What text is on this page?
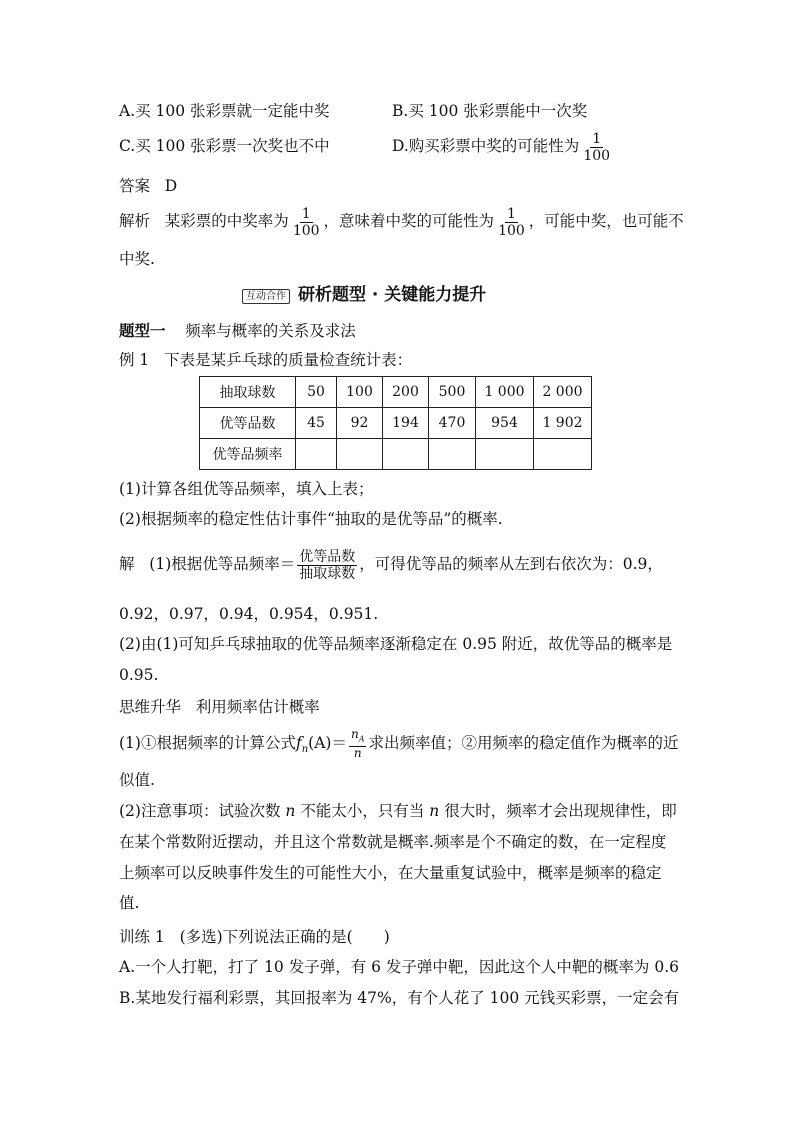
A.买 100 张彩票就一定能中奖	B.买 100 张彩票能中一次奖
C.买 100 张彩票一次奖也不中	D.购买彩票中奖的可能性为 $\frac{1}{100}$
答案 D
解析 某彩票的中奖率为 $\frac{1}{100}$ ，意味着中奖的可能性为 $\frac{1}{100}$ ，可能中奖，也可能不
中奖.
互动合作 研析题型 · 关键能力提升
题型一 频率与概率的关系及求法
例 1 下表是某乒乓球的质量检查统计表：
抽取球数	50	100	200	500	1 000	2 000
优等品数	45	92	194	470	954	1 902
优等品频率						
(1)计算各组优等品频率，填入上表；
(2)根据频率的稳定性估计事件“抽取的是优等品”的概率.
解 (1)根据优等品频率＝ $\frac{\text{优等品数}}{\text{抽取球数}}$ ，可得优等品的频率从左到右依次为：0.9，
0.92，0.97，0.94，0.954，0.951.
(2)由(1)可知乒乓球抽取的优等品频率逐渐稳定在 0.95 附近，故优等品的概率是
0.95.
思维升华 利用频率估计概率
(1)①根据频率的计算公式$f_n(A)= \frac{n_A}{n}$ 求出频率值；②用频率的稳定值作为概率的近
似值.
(2)注意事项：试验次数 n 不能太小，只有当 n 很大时，频率才会出现规律性，即
在某个常数附近摆动，并且这个常数就是概率.频率是个不确定的数，在一定程度
上频率可以反映事件发生的可能性大小，在大量重复试验中，概率是频率的稳定
值.
训练 1 (多选)下列说法正确的是(　　)
A.一个人打靶，打了 10 发子弹，有 6 发子弹中靶，因此这个人中靶的概率为 0.6
B.某地发行福利彩票，其回报率为 47%，有个人花了 100 元钱买彩票，一定会有
